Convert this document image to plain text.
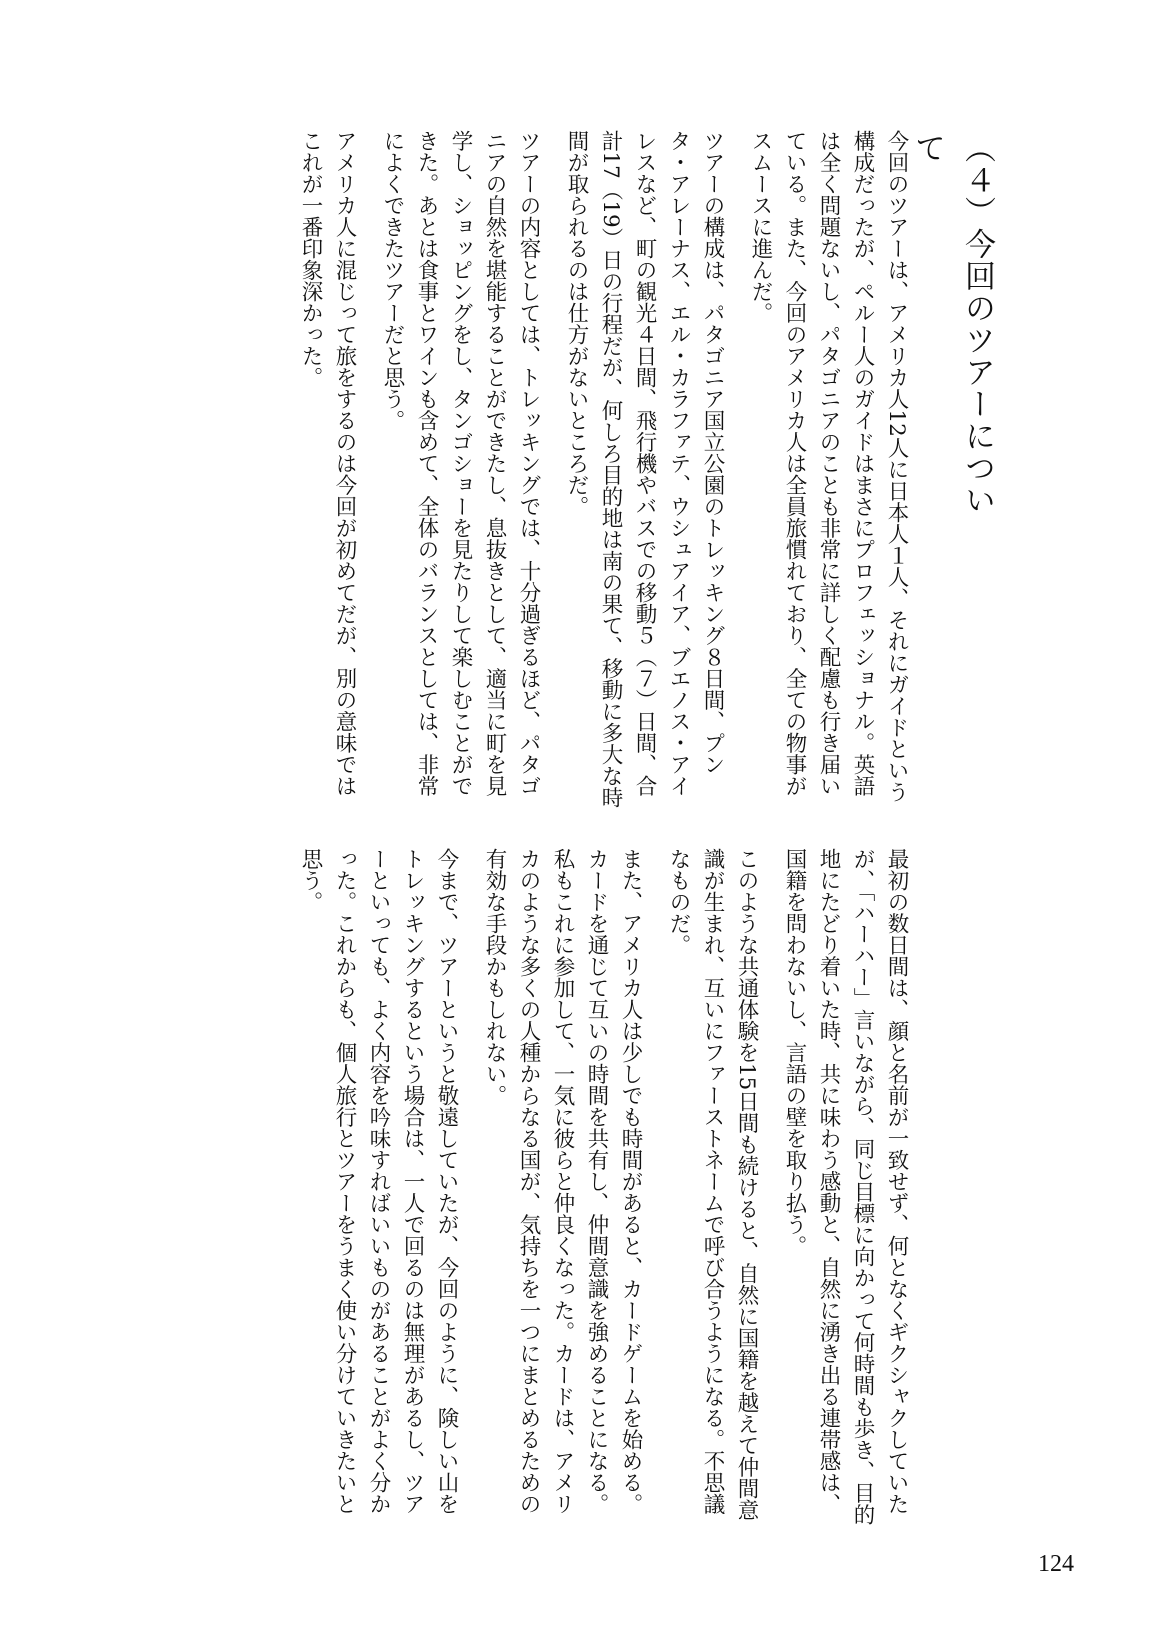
（４）今回のツアーについて

今回のツアーは、アメリカ人12人に日本人１人、それにガイドという構成だったが、ペルー人のガイドはまさにプロフェッショナル。英語は全く問題ないし、パタゴニアのことも非常に詳しく配慮も行き届いている。また、今回のアメリカ人は全員旅慣れており、全ての物事がスムースに進んだ。

ツアーの構成は、パタゴニア国立公園のトレッキング８日間、プンタ・アレーナス、エル・カラファテ、ウシュアイア、ブエノス・アイレスなど、町の観光４日間、飛行機やバスでの移動５（７）日間、合計17（19）日の行程だが、何しろ目的地は南の果て、移動に多大な時間が取られるのは仕方がないところだ。

ツアーの内容としては、トレッキングでは、十分過ぎるほど、パタゴニアの自然を堪能することができたし、息抜きとして、適当に町を見学し、ショッピングをし、タンゴショーを見たりして楽しむことができた。あとは食事とワインも含めて、全体のバランスとしては、非常によくできたツアーだと思う。

アメリカ人に混じって旅をするのは今回が初めてだが、別の意味ではこれが一番印象深かった。

最初の数日間は、顔と名前が一致せず、何となくギクシャクしていたが、「ハーハー」言いながら、同じ目標に向かって何時間も歩き、目的地にたどり着いた時、共に味わう感動と、自然に湧き出る連帯感は、国籍を問わないし、言語の壁を取り払う。

このような共通体験を15日間も続けると、自然に国籍を越えて仲間意識が生まれ、互いにファーストネームで呼び合うようになる。不思議なものだ。

また、アメリカ人は少しでも時間があると、カードゲームを始める。カードを通じて互いの時間を共有し、仲間意識を強めることになる。私もこれに参加して、一気に彼らと仲良くなった。カードは、アメリカのような多くの人種からなる国が、気持ちを一つにまとめるための有効な手段かもしれない。

今まで、ツアーというと敬遠していたが、今回のように、険しい山をトレッキングするという場合は、一人で回るのは無理があるし、ツアーといっても、よく内容を吟味すればいいものがあることがよく分かった。これからも、個人旅行とツアーをうまく使い分けていきたいと思う。

124
